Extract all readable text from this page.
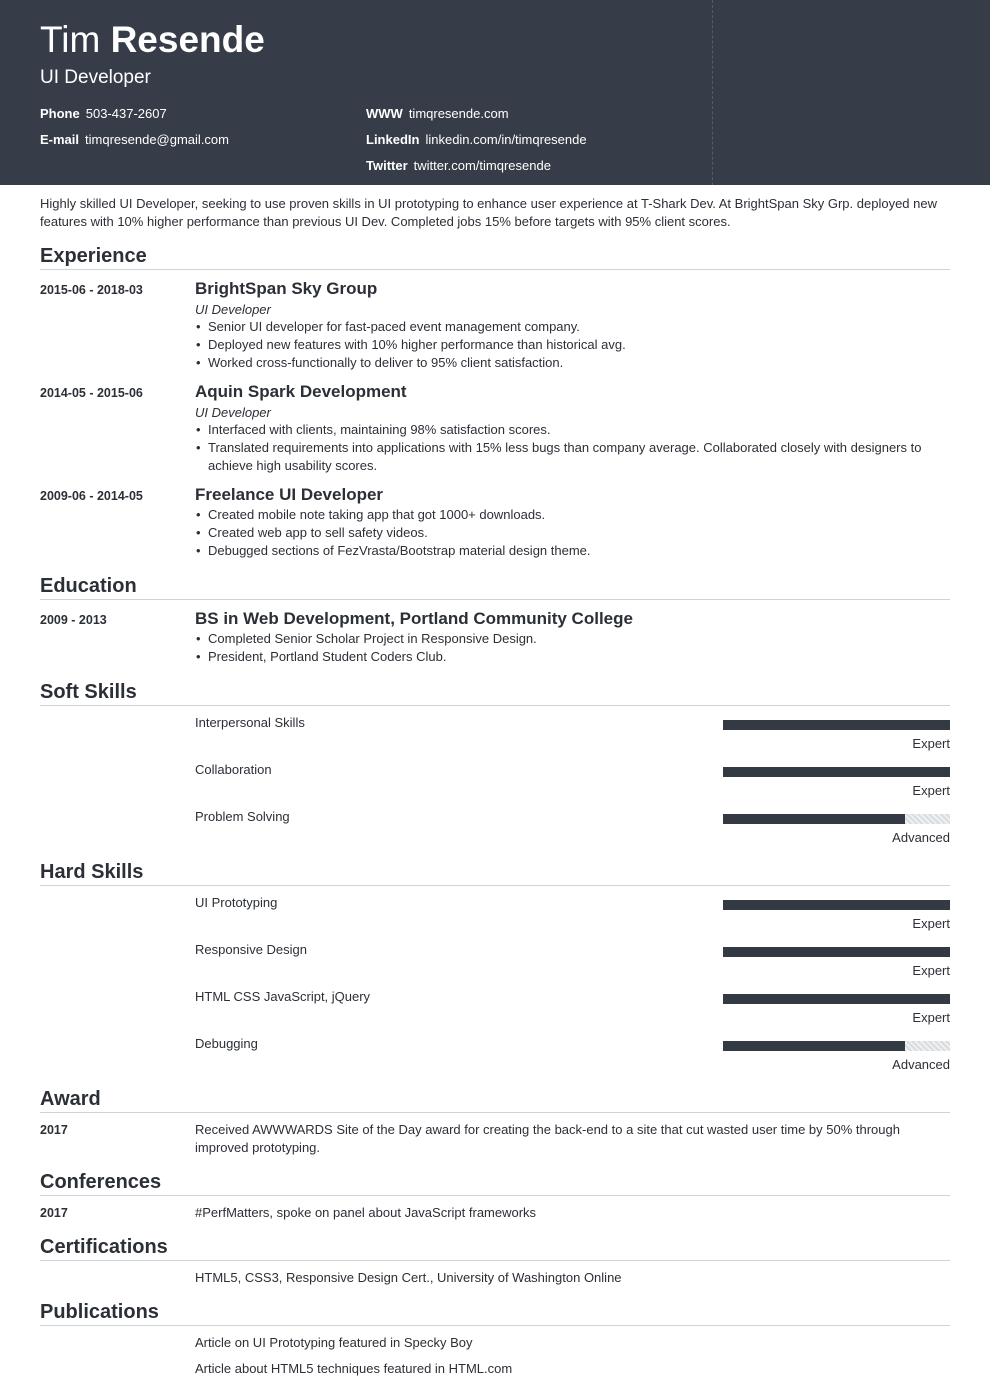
Tim Resende
UI Developer
Phone 503-437-2607
E-mail timqresende@gmail.com
WWW timqresende.com
LinkedIn linkedin.com/in/timqresende
Twitter twitter.com/timqresende
Highly skilled UI Developer, seeking to use proven skills in UI prototyping to enhance user experience at T-Shark Dev. At BrightSpan Sky Grp. deployed new features with 10% higher performance than previous UI Dev. Completed jobs 15% before targets with 95% client scores.
Experience
2015-06 - 2018-03	BrightSpan Sky Group
UI Developer
• Senior UI developer for fast-paced event management company.
• Deployed new features with 10% higher performance than historical avg.
• Worked cross-functionally to deliver to 95% client satisfaction.
2014-05 - 2015-06	Aquin Spark Development
UI Developer
• Interfaced with clients, maintaining 98% satisfaction scores.
• Translated requirements into applications with 15% less bugs than company average. Collaborated closely with designers to achieve high usability scores.
2009-06 - 2014-05	Freelance UI Developer
• Created mobile note taking app that got 1000+ downloads.
• Created web app to sell safety videos.
• Debugged sections of FezVrasta/Bootstrap material design theme.
Education
2009 - 2013	BS in Web Development, Portland Community College
• Completed Senior Scholar Project in Responsive Design.
• President, Portland Student Coders Club.
Soft Skills
Interpersonal Skills
Expert
Collaboration
Expert
Problem Solving
Advanced
Hard Skills
UI Prototyping
Expert
Responsive Design
Expert
HTML CSS JavaScript, jQuery
Expert
Debugging
Advanced
Award
2017	Received AWWWARDS Site of the Day award for creating the back-end to a site that cut wasted user time by 50% through improved prototyping.
Conferences
2017	#PerfMatters, spoke on panel about JavaScript frameworks
Certifications
HTML5, CSS3, Responsive Design Cert., University of Washington Online
Publications
Article on UI Prototyping featured in Specky Boy
Article about HTML5 techniques featured in HTML.com
